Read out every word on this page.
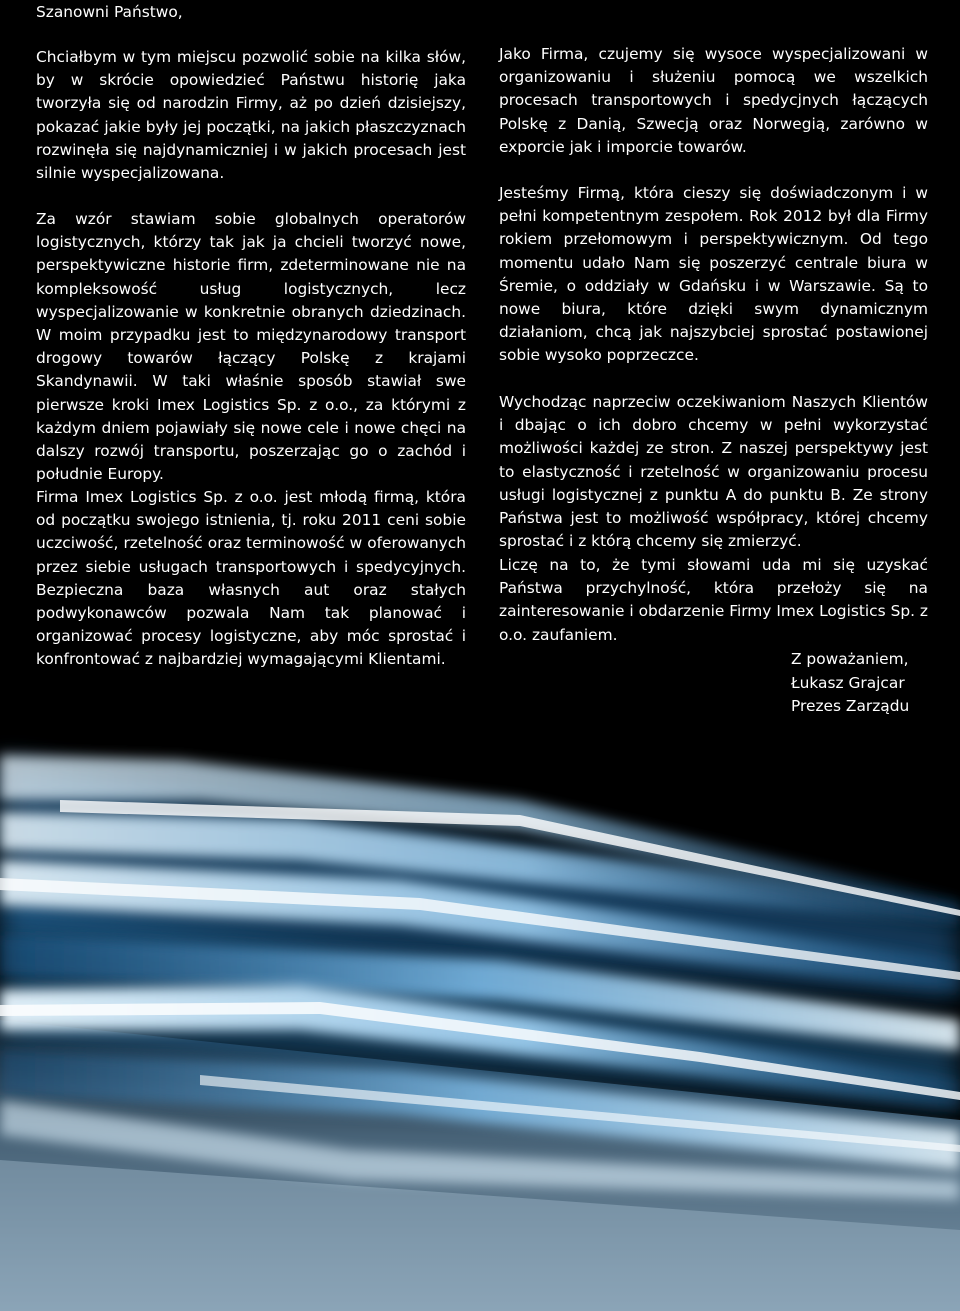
Szanowni Państwo,

Chciałbym w tym miejscu pozwolić sobie na kilka słów, by w skrócie opowiedzieć Państwu historię jaka tworzyła się od narodzin Firmy, aż po dzień dzisiejszy, pokazać jakie były jej początki, na jakich płaszczyznach rozwinęła się najdynamiczniej i w jakich procesach jest silnie wyspecjalizowana.

Za wzór stawiam sobie globalnych operatorów logistycznych, którzy tak jak ja chcieli tworzyć nowe, perspektywiczne historie firm, zdeterminowane nie na kompleksowość usług logistycznych, lecz wyspecjalizowanie w konkretnie obranych dziedzinach. W moim przypadku jest to międzynarodowy transport drogowy towarów łączący Polskę z krajami Skandynawii. W taki właśnie sposób stawiał swe pierwsze kroki Imex Logistics Sp. z o.o., za którymi z każdym dniem pojawiały się nowe cele i nowe chęci na dalszy rozwój transportu, poszerzając go o zachód i południe Europy.

Firma Imex Logistics Sp. z o.o. jest młodą firmą, która od początku swojego istnienia, tj. roku 2011 ceni sobie uczciwość, rzetelność oraz terminowość w oferowanych przez siebie usługach transportowych i spedycyjnych. Bezpieczna baza własnych aut oraz stałych podwykonawców pozwala Nam tak planować i organizować procesy logistyczne, aby móc sprostać i konfrontować z najbardziej wymagającymi Klientami.

Jako Firma, czujemy się wysoce wyspecjalizowani w organizowaniu i służeniu pomocą we wszelkich procesach transportowych i spedycjnych łączących Polskę z Danią, Szwecją oraz Norwegią, zarówno w exporcie jak i imporcie towarów.

Jesteśmy Firmą, która cieszy się doświadczonym i w pełni kompetentnym zespołem. Rok 2012 był dla Firmy rokiem przełomowym i perspektywicznym. Od tego momentu udało Nam się poszerzyć centrale biura w Śremie, o oddziały w Gdańsku i w Warszawie. Są to nowe biura, które dzięki swym dynamicznym działaniom, chcą jak najszybciej sprostać postawionej sobie wysoko poprzeczce.

Wychodząc naprzeciw oczekiwaniom Naszych Klientów i dbając o ich dobro chcemy w pełni wykorzystać możliwości każdej ze stron. Z naszej perspektywy jest to elastyczność i rzetelność w organizowaniu procesu usługi logistycznej z punktu A do punktu B. Ze strony Państwa jest to możliwość współpracy, której chcemy sprostać i z którą chcemy się zmierzyć.

Liczę na to, że tymi słowami uda mi się uzyskać Państwa przychylność, która przełoży się na zainteresowanie i obdarzenie Firmy Imex Logistics Sp. z o.o. zaufaniem.

Z poważaniem,
Łukasz Grajcar
Prezes Zarządu
